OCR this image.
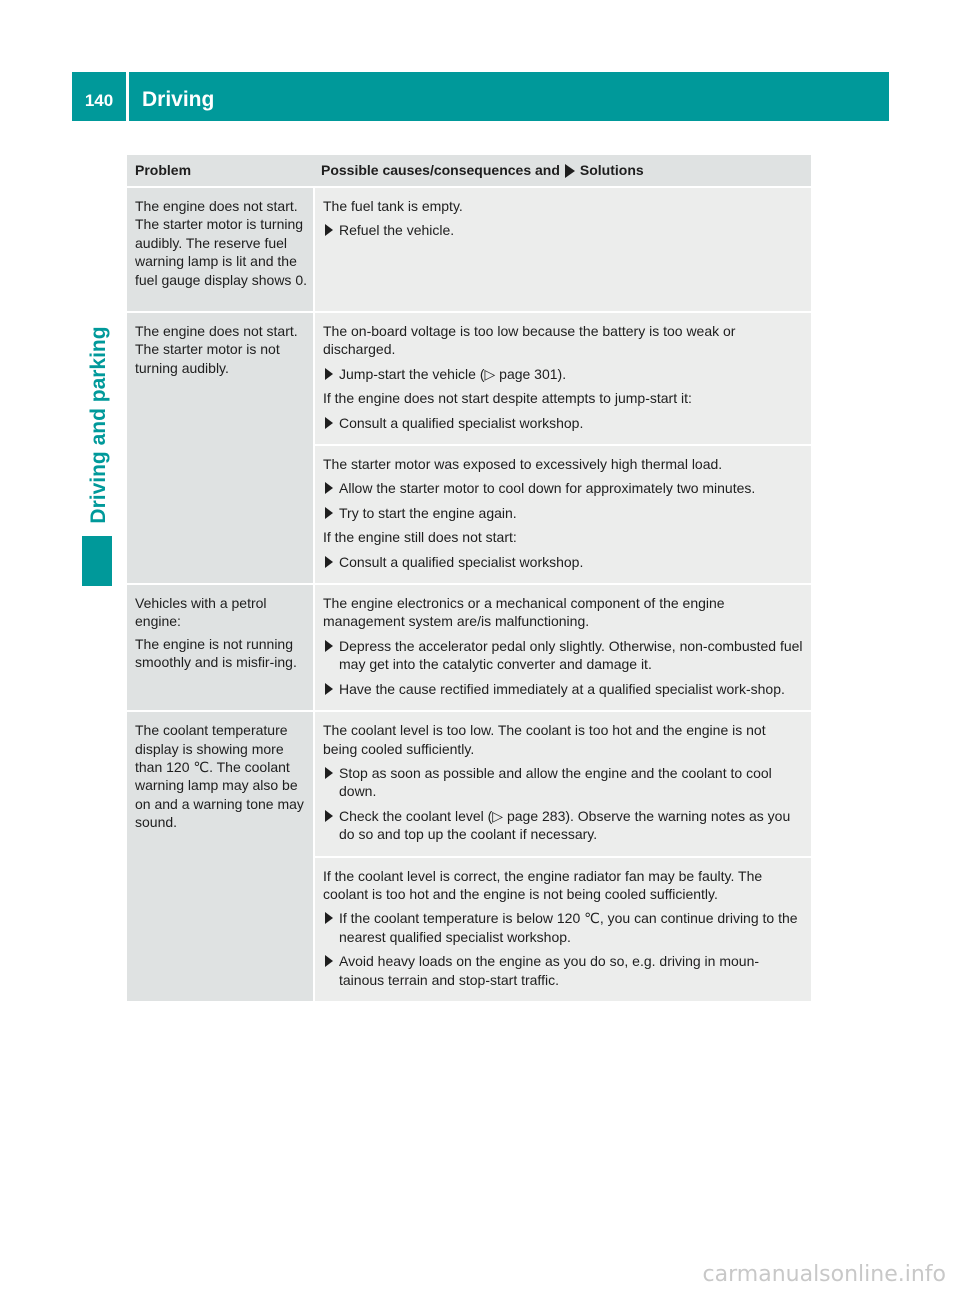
140	Driving
Driving and parking
Problem	Possible causes/consequences and Solutions

The engine does not start. The starter motor is turning audibly. The reserve fuel warning lamp is lit and the fuel gauge display shows 0.

The fuel tank is empty.

Refuel the vehicle.

The engine does not start. The starter motor is not turning audibly.

The on-board voltage is too low because the battery is too weak or discharged.

Jump-start the vehicle (▷ page 301).

If the engine does not start despite attempts to jump-start it:

Consult a qualified specialist workshop.

The starter motor was exposed to excessively high thermal load.

Allow the starter motor to cool down for approximately two minutes.
Try to start the engine again.

If the engine still does not start:

Consult a qualified specialist workshop.

Vehicles with a petrol engine:

The engine is not running smoothly and is misfir-ing.

The engine electronics or a mechanical component of the engine management system are/is malfunctioning.

Depress the accelerator pedal only slightly. Otherwise, non-combusted fuel may get into the catalytic converter and damage it.
Have the cause rectified immediately at a qualified specialist work-shop.

The coolant temperature display is showing more than 120 ℃. The coolant warning lamp may also be on and a warning tone may sound.

The coolant level is too low. The coolant is too hot and the engine is not being cooled sufficiently.

Stop as soon as possible and allow the engine and the coolant to cool down.
Check the coolant level (▷ page 283). Observe the warning notes as you do so and top up the coolant if necessary.

If the coolant level is correct, the engine radiator fan may be faulty. The coolant is too hot and the engine is not being cooled sufficiently.

If the coolant temperature is below 120 ℃, you can continue driving to the nearest qualified specialist workshop.
Avoid heavy loads on the engine as you do so, e.g. driving in moun-tainous terrain and stop-start traffic.
carmanualsonline.info
